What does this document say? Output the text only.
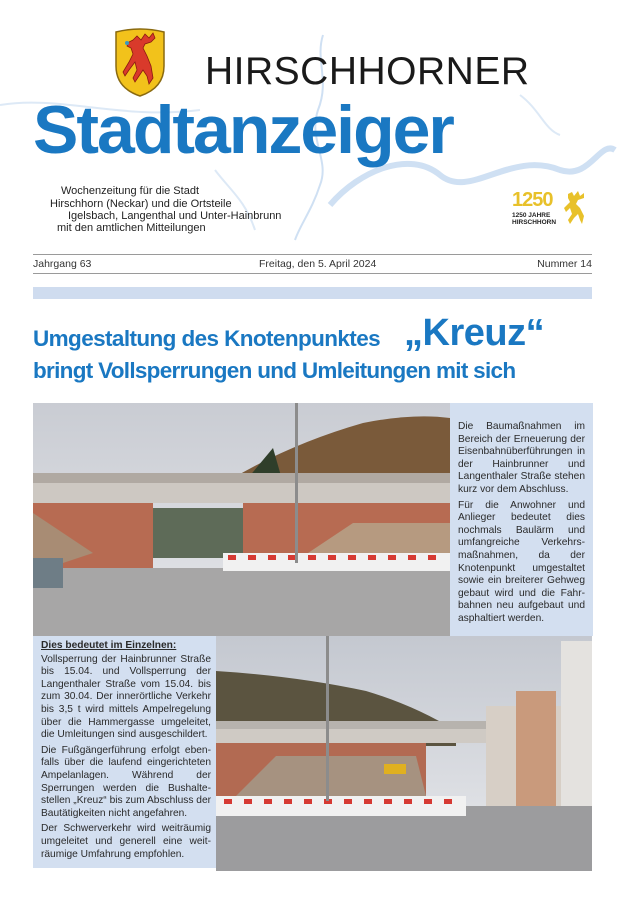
HIRSCHHORNER
Stadtanzeiger
Wochenzeitung für die Stadt
Hirschhorn (Neckar) und die Ortsteile
Igelsbach, Langenthal und Unter-Hainbrunn
mit den amtlichen Mitteilungen
1250
1250 JAHRE
HIRSCHHORN
Jahrgang 63	Freitag, den 5. April 2024	Nummer 14
Umgestaltung des Knotenpunktes „Kreuz“
bringt Vollsperrungen und Umleitungen mit sich

Die Baumaßnahmen im Bereich der Erneuerung der Eisenbahnüberführungen in der Hainbrunner und Langenthaler Straße stehen kurz vor dem Abschluss.

Für die Anwohner und Anlieger bedeutet dies nochmals Baulärm und umfangreiche Verkehrsmaßnahmen, da der Knotenpunkt umgestaltet sowie ein breiterer Gehweg gebaut wird und die Fahrbahnen neu aufgebaut und asphaltiert werden.

Dies bedeutet im Einzelnen:

Vollsperrung der Hainbrunner Straße bis 15.04. und Vollsperrung der Langenthaler Straße vom 15.04. bis zum 30.04. Der innerörtliche Verkehr bis 3,5 t wird mittels Ampelregelung über die Hammergasse umgeleitet, die Umleitungen sind ausgeschildert.

Die Fußgängerführung erfolgt ebenfalls über die laufend eingerichteten Ampelanlagen. Während der Sperrungen werden die Bushaltestellen „Kreuz“ bis zum Abschluss der Bautätigkeiten nicht angefahren.

Der Schwerverkehr wird weiträumig umgeleitet und generell eine weiträumige Umfahrung empfohlen.
